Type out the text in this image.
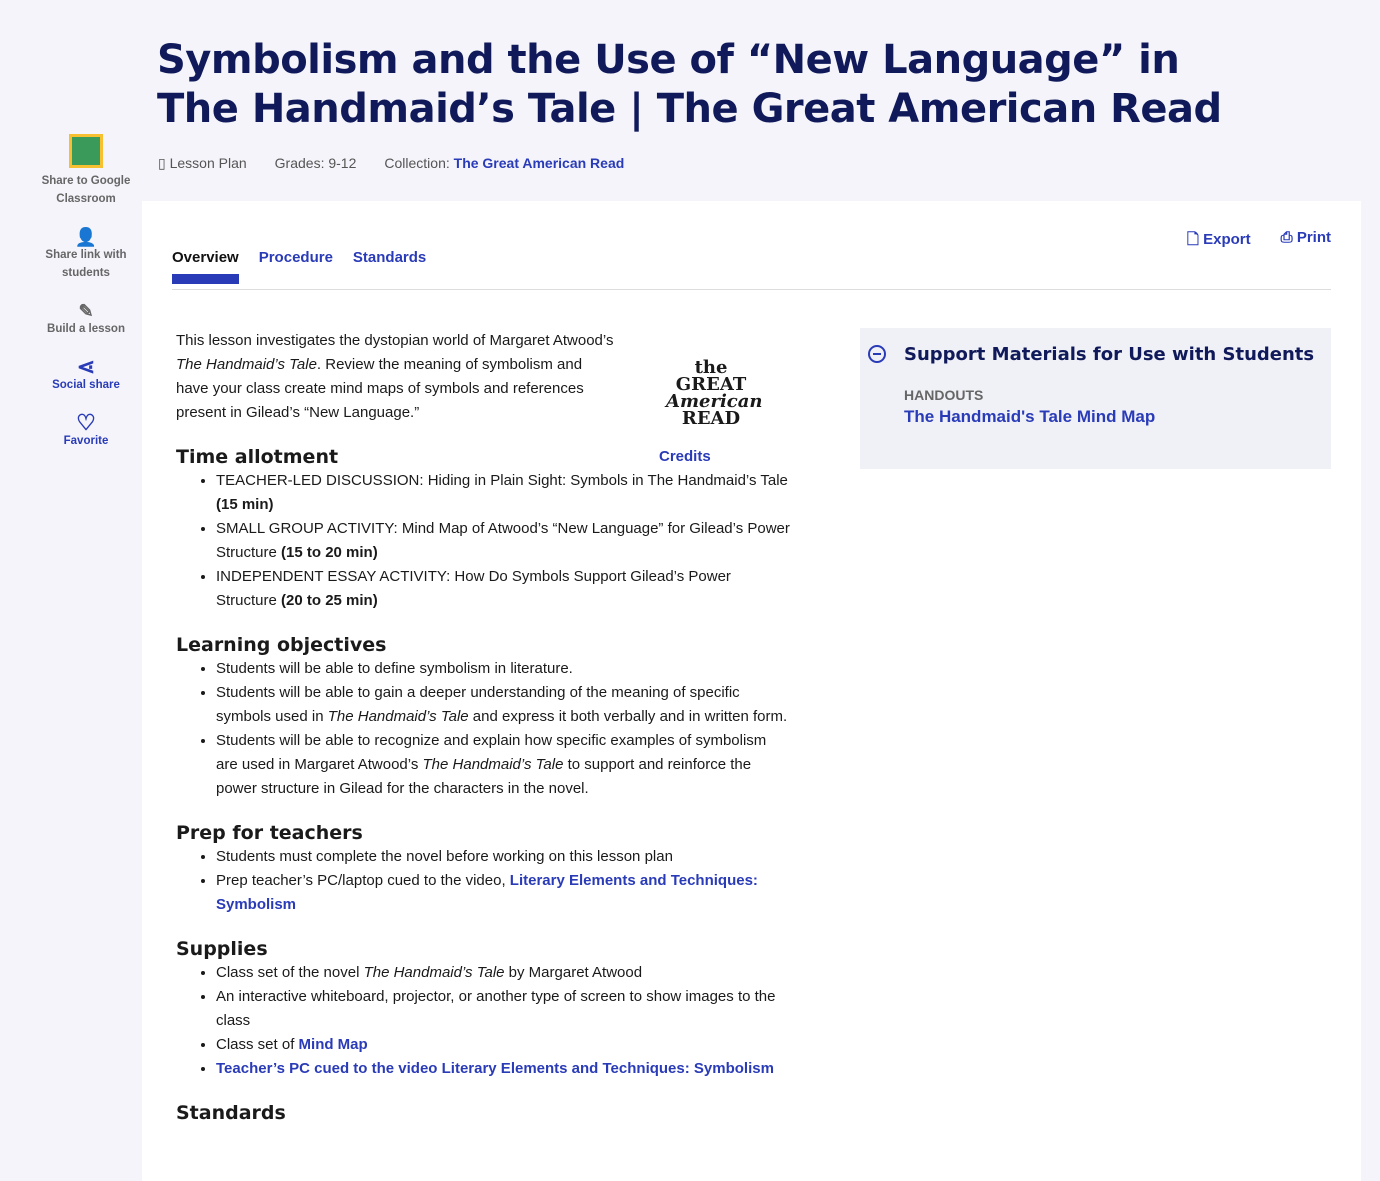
Symbolism and the Use of “New Language” in The Handmaid’s Tale | The Great American Read
▯ Lesson Plan Grades: 9-12 Collection: The Great American Read
Share to Google Classroom
👤
Share link with students
✎
Build a lesson
⋖
Social share
♡
Favorite
Overview Procedure Standards
🗋 Export ⎙ Print

This lesson investigates the dystopian world of Margaret Atwood’s The Handmaid’s Tale. Review the meaning of symbolism and have your class create mind maps of symbols and references present in Gilead’s “New Language.”

the
GREAT
American
READ
Credits
Time allotment
• TEACHER-LED DISCUSSION: Hiding in Plain Sight: Symbols in The Handmaid’s Tale (15 min)
• SMALL GROUP ACTIVITY: Mind Map of Atwood’s “New Language” for Gilead’s Power Structure (15 to 20 min)
• INDEPENDENT ESSAY ACTIVITY: How Do Symbols Support Gilead’s Power Structure (20 to 25 min)
Learning objectives
• Students will be able to define symbolism in literature.
• Students will be able to gain a deeper understanding of the meaning of specific symbols used in The Handmaid’s Tale and express it both verbally and in written form.
• Students will be able to recognize and explain how specific examples of symbolism are used in Margaret Atwood’s The Handmaid’s Tale to support and reinforce the power structure in Gilead for the characters in the novel.
Prep for teachers
• Students must complete the novel before working on this lesson plan
• Prep teacher’s PC/laptop cued to the video, Literary Elements and Techniques: Symbolism
Supplies
• Class set of the novel The Handmaid’s Tale by Margaret Atwood
• An interactive whiteboard, projector, or another type of screen to show images to the class
• Class set of Mind Map
• Teacher’s PC cued to the video Literary Elements and Techniques: Symbolism
Standards
Support Materials for Use with Students
HANDOUTS
The Handmaid's Tale Mind Map
